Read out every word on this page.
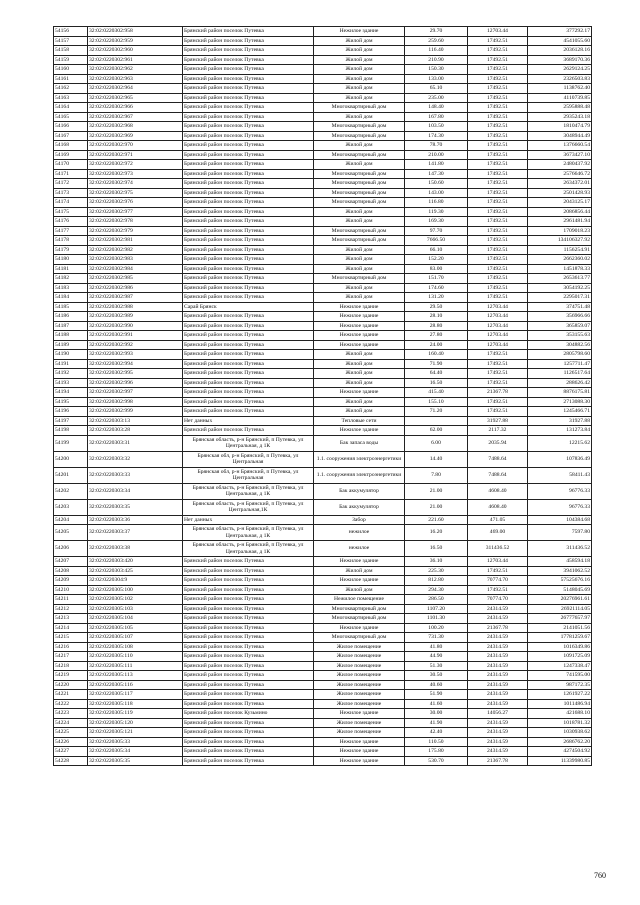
54156	32:02:0220302:958	Брянский район поселок Путевка	Нежилое здание	29.70	12703.44	377292.17
54157	32:02:0220302:959	Брянский район поселок Путевка	Жилой дом	259.60	17492.51	4541055.60
54158	32:02:0220302:960	Брянский район поселок Путевка	Жилой дом	116.40	17492.51	2036128.16
54159	32:02:0220302:961	Брянский район поселок Путевка	Жилой дом	210.90	17492.51	3689170.36
54160	32:02:0220302:962	Брянский район поселок Путевка	Жилой дом	150.30	17492.51	2629124.25
54161	32:02:0220302:963	Брянский район поселок Путевка	Жилой дом	133.00	17492.51	2326503.83
54162	32:02:0220302:964	Брянский район поселок Путевка	Жилой дом	65.10	17492.51	1138762.40
54163	32:02:0220302:965	Брянский район поселок Путевка	Жилой дом	235.00	17492.51	4110739.85
54164	32:02:0220302:966	Брянский район поселок Путевка	Многоквартирный дом	148.40	17492.51	2595888.48
54165	32:02:0220302:967	Брянский район поселок Путевка	Жилой дом	167.80	17492.51	2935243.18
54166	32:02:0220302:968	Брянский район поселок Путевка	Многоквартирный дом	103.50	17492.51	1810474.79
54167	32:02:0220302:969	Брянский район поселок Путевка	Многоквартирный дом	174.30	17492.51	3048944.49
54168	32:02:0220302:970	Брянский район поселок Путевка	Жилой дом	78.70	17492.51	1376660.54
54169	32:02:0220302:971	Брянский район поселок Путевка	Многоквартирный дом	210.00	17492.51	3673427.10
54170	32:02:0220302:972	Брянский район поселок Путевка	Жилой дом	141.80	17492.51	2480437.92
54171	32:02:0220302:973	Брянский район поселок Путевка	Многоквартирный дом	147.30	17492.51	2576646.72
54172	32:02:0220302:974	Брянский район поселок Путевка	Многоквартирный дом	150.60	17492.51	2634372.01
54173	32:02:0220302:975	Брянский район поселок Путевка	Многоквартирный дом	143.00	17492.51	2501428.93
54174	32:02:0220302:976	Брянский район поселок Путевка	Многоквартирный дом	116.80	17492.51	2043125.17
54175	32:02:0220302:977	Брянский район поселок Путевка	Жилой дом	119.30	17492.51	2086856.44
54176	32:02:0220302:978	Брянский район поселок Путевка	Жилой дом	169.30	17492.51	2961481.94
54177	32:02:0220302:979	Брянский район поселок Путевка	Многоквартирный дом	97.70	17492.51	1709018.23
54178	32:02:0220302:981	Брянский район поселок Путевка	Многоквартирный дом	7666.50	17492.51	134106327.92
54179	32:02:0220302:982	Брянский район поселок Путевка	Жилой дом	66.10	17492.51	1156254.91
54180	32:02:0220302:983	Брянский район поселок Путевка	Жилой дом	152.20	17492.51	2662360.02
54181	32:02:0220302:984	Брянский район поселок Путевка	Жилой дом	83.00	17492.51	1451878.33
54182	32:02:0220302:985	Брянский район поселок Путевка	Многоквартирный дом	151.70	17492.51	2653613.77
54183	32:02:0220302:986	Брянский район поселок Путевка	Жилой дом	174.60	17492.51	3054192.25
54184	32:02:0220302:987	Брянский район поселок Путевка	Жилой дом	131.20	17492.51	2295017.31
54185	32:02:0220302:988	Сарай Брянск	Нежилое здание	29.50	12703.44	374751.48
54186	32:02:0220302:989	Брянский район поселок Путевка	Нежилое здание	28.10	12703.44	356966.66
54187	32:02:0220302:990	Брянский район поселок Путевка	Нежилое здание	28.80	12703.44	365859.07
54188	32:02:0220302:991	Брянский район поселок Путевка	Нежилое здание	27.80	12703.44	353155.63
54189	32:02:0220302:992	Брянский район поселок Путевка	Нежилое здание	24.00	12703.44	304882.56
54190	32:02:0220302:993	Брянский район поселок Путевка	Жилой дом	160.40	17492.51	2805798.60
54191	32:02:0220302:994	Брянский район поселок Путевка	Жилой дом	71.90	17492.51	1257711.47
54192	32:02:0220302:995	Брянский район поселок Путевка	Жилой дом	64.40	17492.51	1126517.64
54193	32:02:0220302:996	Брянский район поселок Путевка	Жилой дом	16.50	17492.51	288626.42
54194	32:02:0220302:997	Брянский район поселок Путевка	Нежилое здание	415.40	21367.78	8876175.81
54195	32:02:0220302:998	Брянский район поселок Путевка	Жилой дом	155.10	17492.51	2713088.30
54196	32:02:0220302:999	Брянский район поселок Путевка	Жилой дом	71.20	17492.51	1245466.71
54197	32:02:0220303:13	Нет данных	Тепловые сети		31927.88	31927.88
54198	32:02:0220303:28	Брянский район поселок Путевка	Нежилое здание	62.00	2117.32	131273.84
54199	32:02:0220303:31	Брянская область, р-н Брянский, п Путевка, ул Центральная, д 1К	Бак запаса воды	6.00	2035.94	12215.62
54200	32:02:0220303:32	Брянская обл, р-н Брянский, п Путевка, ул Центральная	1.1. сооружения электроэнергетики	14.40	7488.64	107836.49
54201	32:02:0220303:33	Брянская обл, р-н Брянский, п Путевка, ул Центральная	1.1. сооружения электроэнергетики	7.80	7488.64	58411.43
54202	32:02:0220303:34	Брянская область, р-н Брянский, п Путевка, ул Центральная, д 1К	Бак аккумулятор	21.00	4608.40	96776.33
54203	32:02:0220303:35	Брянская область, р-н Брянский, п Путевка, ул Центральная,1К	Бак аккумулятор	21.00	4608.40	96776.33
54204	32:02:0220303:36	Нет данных	Забор	221.60	471.05	104384.68
54205	32:02:0220303:37	Брянская область, р-н Брянский, п Путевка, ул Центральная, д 1К	нежилое	16.20	469.00	7597.80
54206	32:02:0220303:38	Брянская область, р-н Брянский, п Путевка, ул Центральная, д 1К	нежилое	16.50	311436.52	311436.52
54207	32:02:0220303:420	Брянский район поселок Путевка	Нежилое здание	36.10	12703.44	458594.18
54208	32:02:0220303:425	Брянский район поселок Путевка	Жилой дом	225.30	17492.51	3941062.52
54209	32:02:0220304:9	Брянский район поселок Путевка	Нежилое здание	812.80	70774.70	57525676.16
54210	32:02:0220305:100	Брянский район поселок Путевка	Жилой дом	294.30	17492.51	5148045.69
54211	32:02:0220305:102	Брянский район поселок Путевка	Нежилое помещение	286.50	70774.70	20276961.61
54212	32:02:0220305:103	Брянский район поселок Путевка	Многоквартирный дом	1107.20	24314.59	26921114.05
54213	32:02:0220305:104	Брянский район поселок Путевка	Многоквартирный дом	1101.30	24314.59	26777657.97
54214	32:02:0220305:105	Брянский район поселок Путевка	Нежилое здание	100.20	21367.78	2141051.56
54215	32:02:0220305:107	Брянский район поселок Путевка	Многоквартирный дом	731.30	24314.59	17781259.67
54216	32:02:0220305:108	Брянский район поселок Путевка	Жилое помещение	41.80	24314.59	1016349.86
54217	32:02:0220305:110	Брянский район поселок Путевка	Жилое помещение	44.90	24314.59	1091725.09
54218	32:02:0220305:111	Брянский район поселок Путевка	Жилое помещение	51.30	24314.59	1247338.47
54219	32:02:0220305:113	Брянский район поселок Путевка	Жилое помещение	30.50	24314.59	741595.00
54220	32:02:0220305:116	Брянский район поселок Путевка	Жилое помещение	40.60	24314.59	987172.35
54221	32:02:0220305:117	Брянский район поселок Путевка	Жилое помещение	51.90	24314.59	1261927.22
54222	32:02:0220305:118	Брянский район поселок Путевка	Жилое помещение	41.60	24314.59	1011486.94
54223	32:02:0220305:119	Брянский район поселок Кузьмино	Нежилое здание	30.00	14056.27	421688.10
54224	32:02:0220305:120	Брянский район поселок Путевка	Жилое помещение	41.90	24314.59	1018781.32
54225	32:02:0220305:121	Брянский район поселок Путевка	Жилое помещение	42.40	24314.59	1030938.62
54226	32:02:0220305:33	Брянский район поселок Путевка	Нежилое здание	110.50	24314.59	2686762.20
54227	32:02:0220305:34	Брянский район поселок Путевка	Нежилое здание	175.80	24314.59	4274504.92
54228	32:02:0220305:35	Брянский район поселок Путевка	Нежилое здание	530.70	21367.78	11339980.85
760
